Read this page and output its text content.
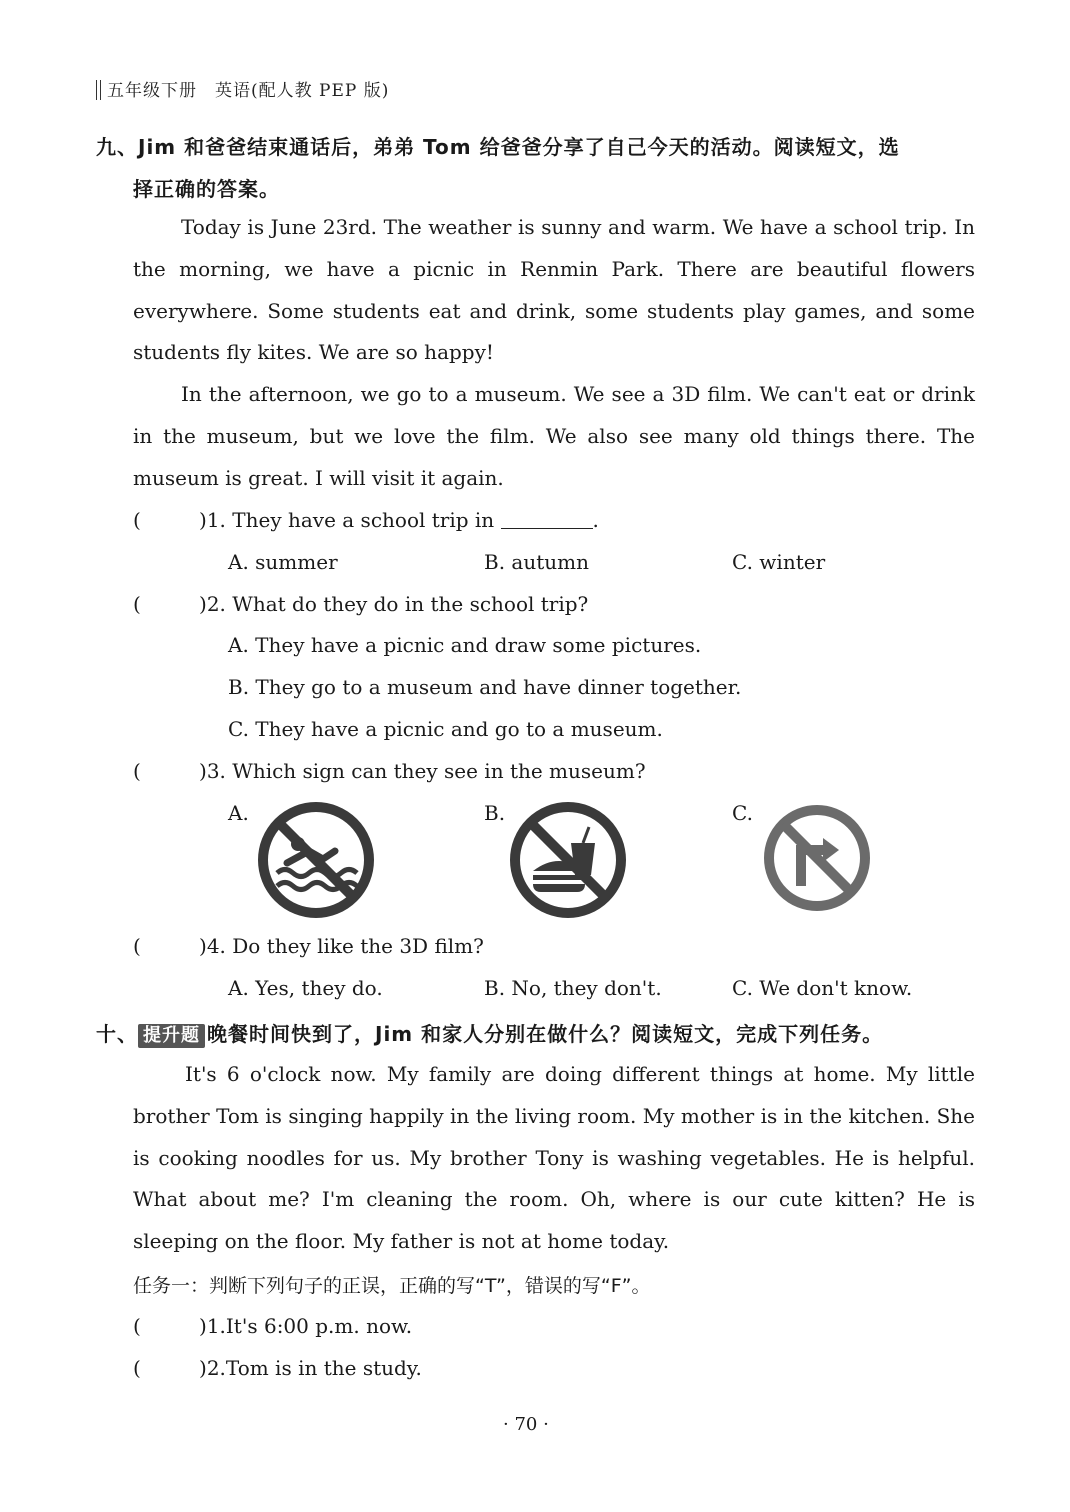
五年级下册　英语(配人教 PEP 版)
九、Jim 和爸爸结束通话后，弟弟 Tom 给爸爸分享了自己今天的活动。阅读短文，选
择正确的答案。
Today is June 23rd. The weather is sunny and warm. We have a school trip. In the morning, we have a picnic in Renmin Park. There are beautiful flowers everywhere. Some students eat and drink, some students play games, and some students fly kites. We are so happy!
In the afternoon, we go to a museum. We see a 3D film. We can't eat or drink in the museum, but we love the film. We also see many old things there. The museum is great. I will visit it again.
(	)1. They have a school trip in	.
A. summer	B. autumn	C. winter
(	)2. What do they do in the school trip?
A. They have a picnic and draw some pictures.
B. They go to a museum and have dinner together.
C. They have a picnic and go to a museum.
(	)3. Which sign can they see in the museum?
A.	B.	C.
(	)4. Do they like the 3D film?
A. Yes, they do.	B. No, they don't.	C. We don't know.
十、 提升题 晚餐时间快到了，Jim 和家人分别在做什么？阅读短文，完成下列任务。
It's 6 o'clock now. My family are doing different things at home. My little brother Tom is singing happily in the living room. My mother is in the kitchen. She is cooking noodles for us. My brother Tony is washing vegetables. He is helpful. What about me? I'm cleaning the room. Oh, where is our cute kitten? He is sleeping on the floor. My father is not at home today.
任务一：判断下列句子的正误，正确的写“T”，错误的写“F”。
(	)1.It's 6:00 p.m. now.
(	)2.Tom is in the study.
· 70 ·
